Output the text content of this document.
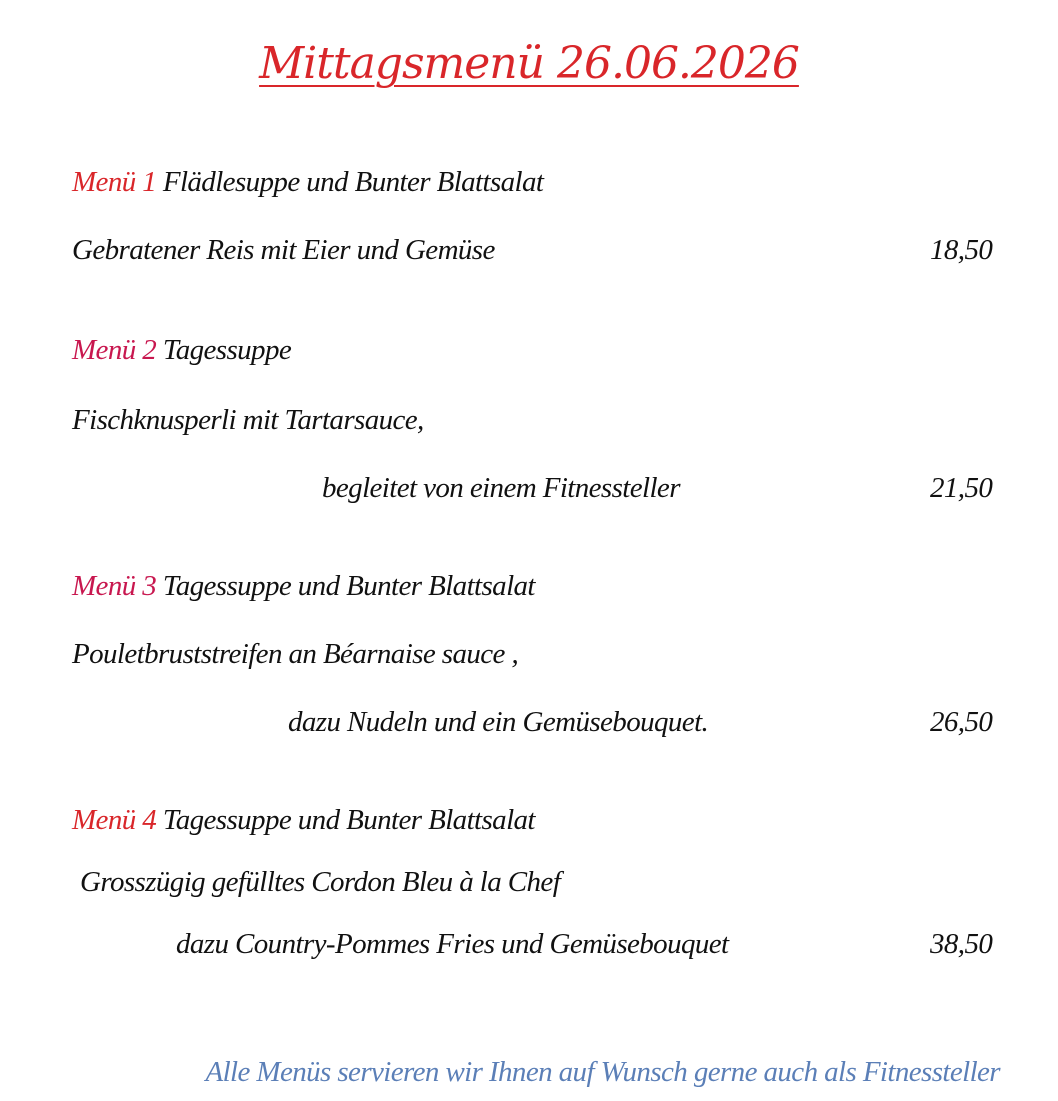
Mittagsmenü 26.06.2026
Menü 1 Flädlesuppe und Bunter Blattsalat
Gebratener Reis mit Eier und Gemüse	18,50
Menü 2 Tagessuppe
Fischknusperli mit Tartarsauce,
begleitet von einem Fitnessteller	21,50
Menü 3 Tagessuppe und Bunter Blattsalat
Pouletbruststreifen an Béarnaise sauce ,
dazu Nudeln und ein Gemüsebouquet.	26,50
Menü 4 Tagessuppe und Bunter Blattsalat
Grosszügig gefülltes Cordon Bleu à la Chef
dazu Country-Pommes Fries und Gemüsebouquet	38,50
Alle Menüs servieren wir Ihnen auf Wunsch gerne auch als Fitnessteller
